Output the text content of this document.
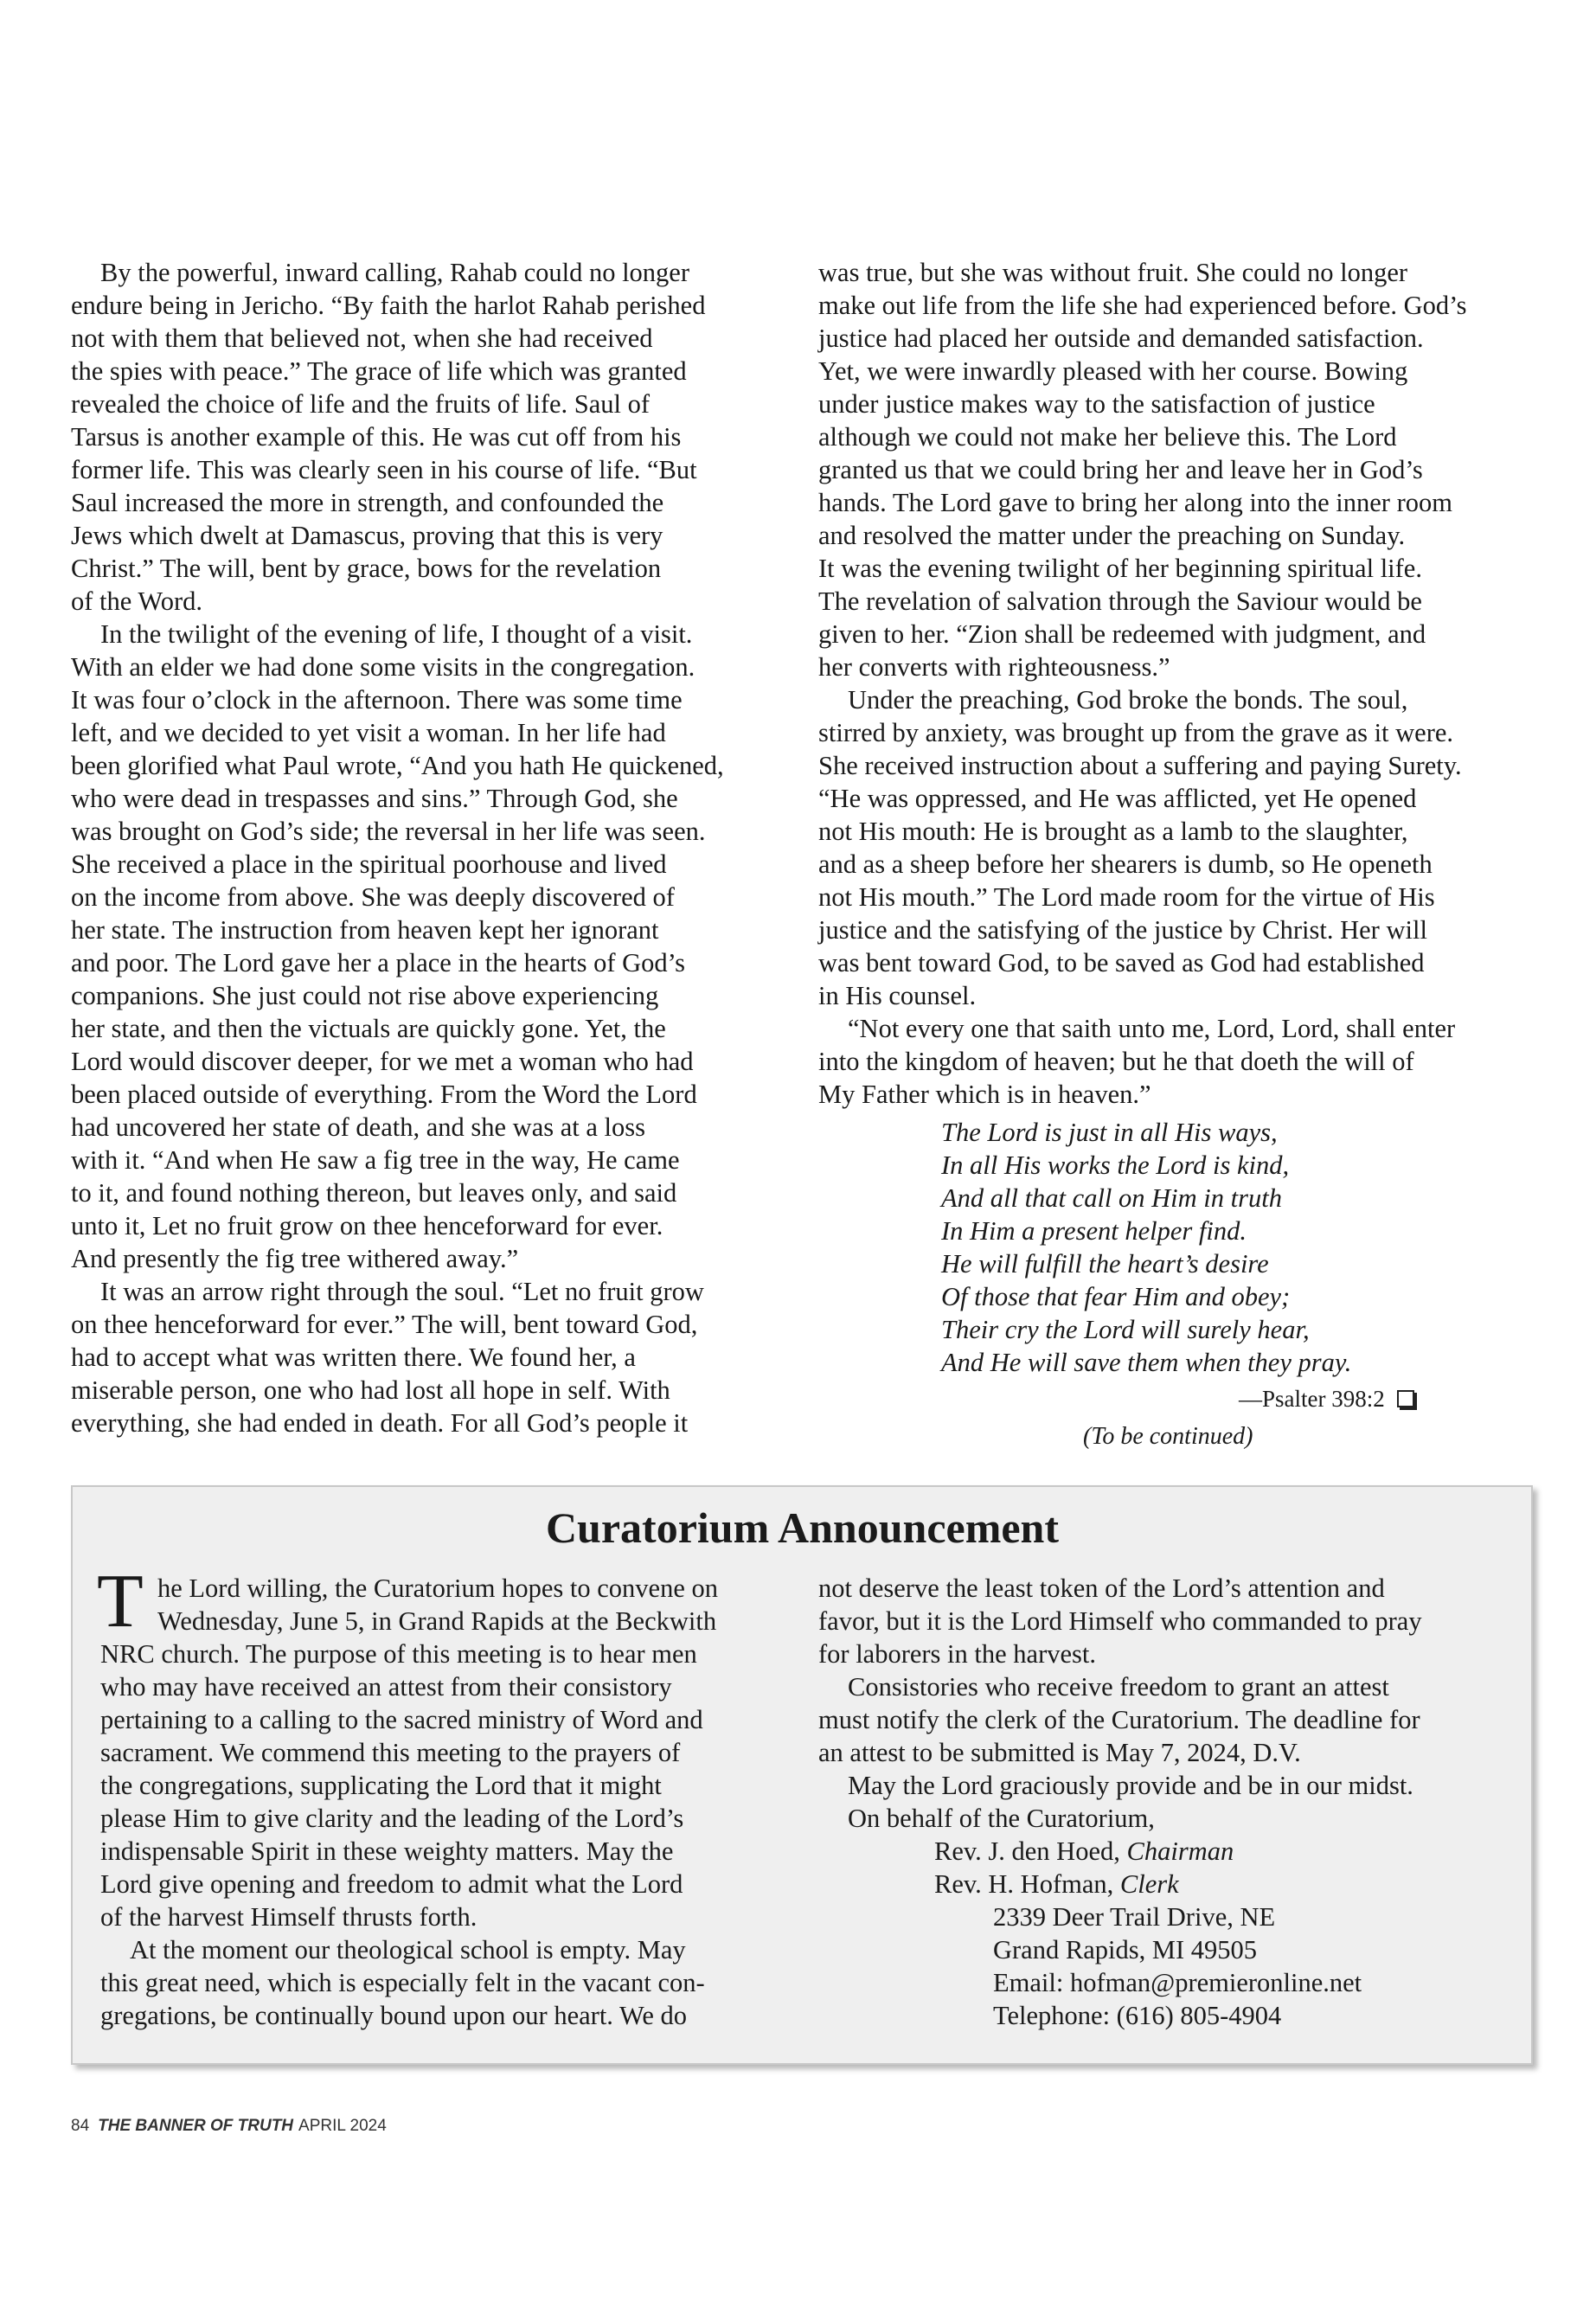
By the powerful, inward calling, Rahab could no longer
endure being in Jericho. “By faith the harlot Rahab perished
not with them that believed not, when she had received
the spies with peace.” The grace of life which was granted
revealed the choice of life and the fruits of life. Saul of
Tarsus is another example of this. He was cut off from his
former life. This was clearly seen in his course of life. “But
Saul increased the more in strength, and confounded the
Jews which dwelt at Damascus, proving that this is very
Christ.” The will, bent by grace, bows for the revelation
of the Word.
In the twilight of the evening of life, I thought of a visit.
With an elder we had done some visits in the congregation.
It was four o’clock in the afternoon. There was some time
left, and we decided to yet visit a woman. In her life had
been glorified what Paul wrote, “And you hath He quickened,
who were dead in trespasses and sins.” Through God, she
was brought on God’s side; the reversal in her life was seen.
She received a place in the spiritual poorhouse and lived
on the income from above. She was deeply discovered of
her state. The instruction from heaven kept her ignorant
and poor. The Lord gave her a place in the hearts of God’s
companions. She just could not rise above experiencing
her state, and then the victuals are quickly gone. Yet, the
Lord would discover deeper, for we met a woman who had
been placed outside of everything. From the Word the Lord
had uncovered her state of death, and she was at a loss
with it. “And when He saw a fig tree in the way, He came
to it, and found nothing thereon, but leaves only, and said
unto it, Let no fruit grow on thee henceforward for ever.
And presently the fig tree withered away.”
It was an arrow right through the soul. “Let no fruit grow
on thee henceforward for ever.” The will, bent toward God,
had to accept what was written there. We found her, a
miserable person, one who had lost all hope in self. With
everything, she had ended in death. For all God’s people it
was true, but she was without fruit. She could no longer
make out life from the life she had experienced before. God’s
justice had placed her outside and demanded satisfaction.
Yet, we were inwardly pleased with her course. Bowing
under justice makes way to the satisfaction of justice
although we could not make her believe this. The Lord
granted us that we could bring her and leave her in God’s
hands. The Lord gave to bring her along into the inner room
and resolved the matter under the preaching on Sunday.
It was the evening twilight of her beginning spiritual life.
The revelation of salvation through the Saviour would be
given to her. “Zion shall be redeemed with judgment, and
her converts with righteousness.”
Under the preaching, God broke the bonds. The soul,
stirred by anxiety, was brought up from the grave as it were.
She received instruction about a suffering and paying Surety.
“He was oppressed, and He was afflicted, yet He opened
not His mouth: He is brought as a lamb to the slaughter,
and as a sheep before her shearers is dumb, so He openeth
not His mouth.” The Lord made room for the virtue of His
justice and the satisfying of the justice by Christ. Her will
was bent toward God, to be saved as God had established
in His counsel.
“Not every one that saith unto me, Lord, Lord, shall enter
into the kingdom of heaven; but he that doeth the will of
My Father which is in heaven.”
The Lord is just in all His ways,
In all His works the Lord is kind,
And all that call on Him in truth
In Him a present helper find.
He will fulfill the heart’s desire
Of those that fear Him and obey;
Their cry the Lord will surely hear,
And He will save them when they pray.
—Psalter 398:2
(To be continued)
Curatorium Announcement
T he Lord willing, the Curatorium hopes to convene on
Wednesday, June 5, in Grand Rapids at the Beckwith
NRC church. The purpose of this meeting is to hear men
who may have received an attest from their consistory
pertaining to a calling to the sacred ministry of Word and
sacrament. We commend this meeting to the prayers of
the congregations, supplicating the Lord that it might
please Him to give clarity and the leading of the Lord’s
indispensable Spirit in these weighty matters. May the
Lord give opening and freedom to admit what the Lord
of the harvest Himself thrusts forth.
At the moment our theological school is empty. May
this great need, which is especially felt in the vacant con-
gregations, be continually bound upon our heart. We do
not deserve the least token of the Lord’s attention and
favor, but it is the Lord Himself who commanded to pray
for laborers in the harvest.
Consistories who receive freedom to grant an attest
must notify the clerk of the Curatorium. The deadline for
an attest to be submitted is May 7, 2024, D.V.
May the Lord graciously provide and be in our midst.
On behalf of the Curatorium,
Rev. J. den Hoed, Chairman
Rev. H. Hofman, Clerk
2339 Deer Trail Drive, NE
Grand Rapids, MI 49505
Email: hofman@premieronline.net
Telephone: (616) 805-4904
84 THE BANNER OF TRUTH APRIL 2024
